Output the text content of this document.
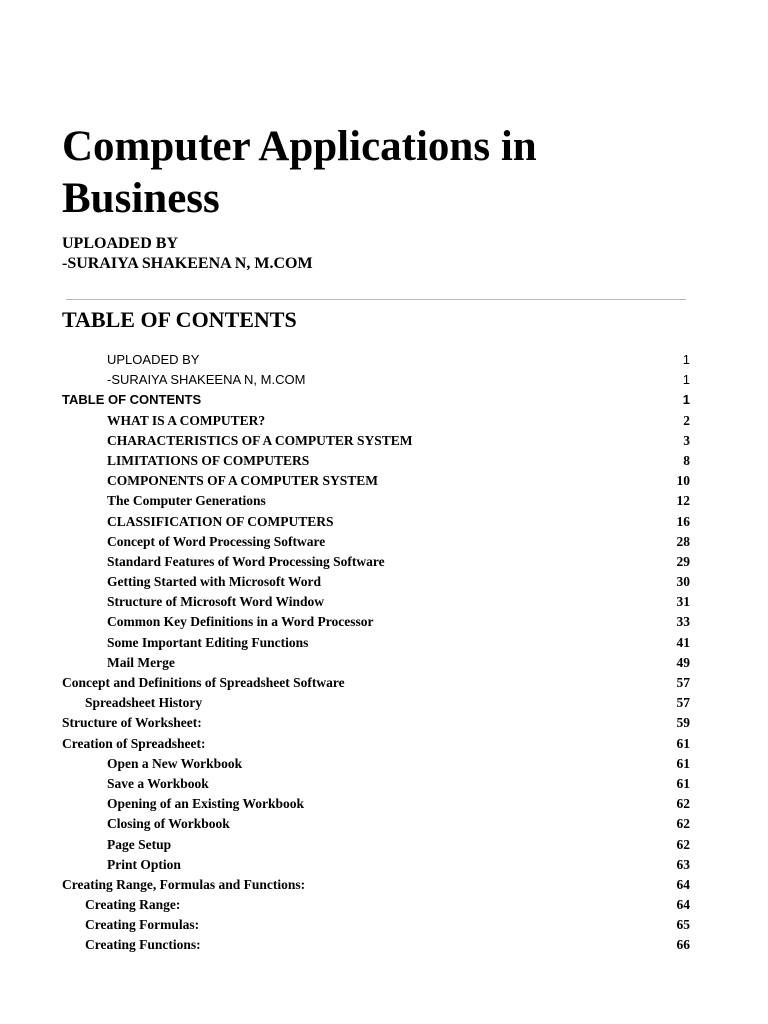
Computer Applications in Business
UPLOADED BY
-SURAIYA SHAKEENA N, M.COM
TABLE OF CONTENTS
UPLOADED BY	1
-SURAIYA SHAKEENA N, M.COM	1
TABLE OF CONTENTS	1
WHAT IS A COMPUTER?	2
CHARACTERISTICS OF A COMPUTER SYSTEM	3
LIMITATIONS OF COMPUTERS	8
COMPONENTS OF A COMPUTER SYSTEM	10
The Computer Generations	12
CLASSIFICATION OF COMPUTERS	16
Concept of Word Processing Software	28
Standard Features of Word Processing Software	29
Getting Started with Microsoft Word	30
Structure of Microsoft Word Window	31
Common Key Definitions in a Word Processor	33
Some Important Editing Functions	41
Mail Merge	49
Concept and Definitions of Spreadsheet Software	57
Spreadsheet History	57
Structure of Worksheet:	59
Creation of Spreadsheet:	61
Open a New Workbook	61
Save a Workbook	61
Opening of an Existing Workbook	62
Closing of Workbook	62
Page Setup	62
Print Option	63
Creating Range, Formulas and Functions:	64
Creating Range:	64
Creating Formulas:	65
Creating Functions:	66
